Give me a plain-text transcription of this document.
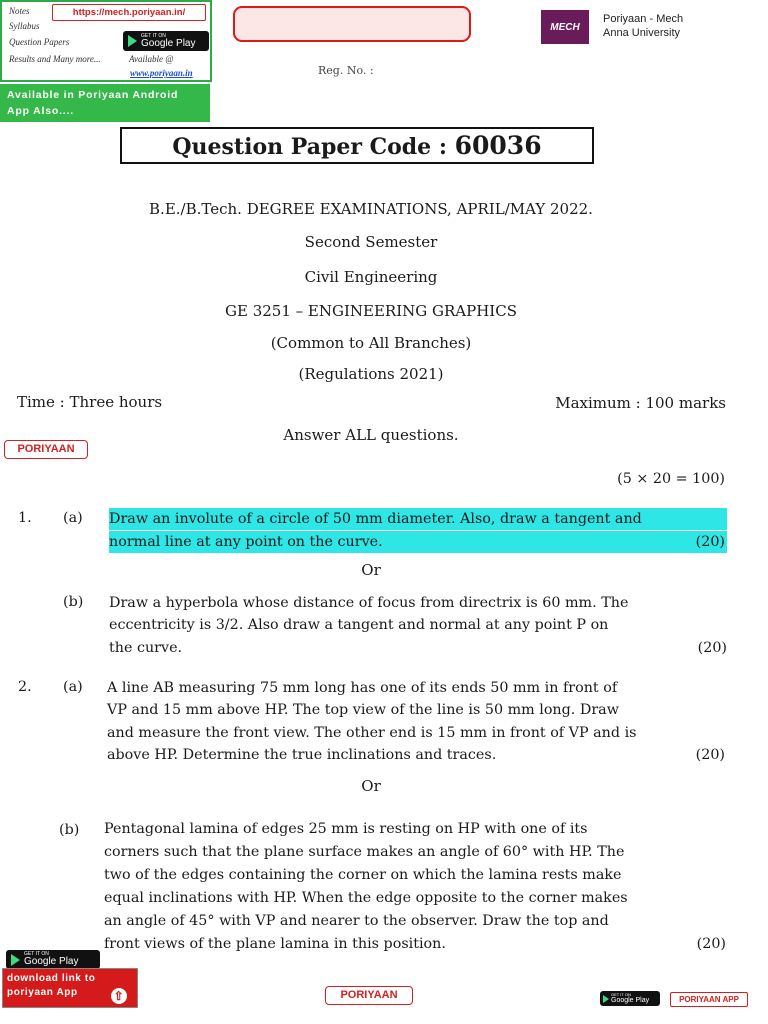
Notes	https://mech.poriyaan.in/
Syllabus
Question Papers
GET IT ON
Google Play
Results and Many more...	Available @
www.poriyaan.in
Available in Poriyaan Android App Also....
MECH
Poriyaan - Mech
Anna University
Reg. No. :
Question Paper Code : 60036
B.E./B.Tech. DEGREE EXAMINATIONS, APRIL/MAY 2022.
Second Semester
Civil Engineering
GE 3251 – ENGINEERING GRAPHICS
(Common to All Branches)
(Regulations 2021)
Time : Three hours	Maximum : 100 marks
PORIYAAN
Answer ALL questions.
(5 × 20 = 100)
1. (a) Draw an involute of a circle of 50 mm diameter. Also, draw a tangent and
normal line at any point on the curve.	(20)
Or
(b) Draw a hyperbola whose distance of focus from directrix is 60 mm. The
eccentricity is 3/2. Also draw a tangent and normal at any point P on
the curve.	(20)
2. (a) A line AB measuring 75 mm long has one of its ends 50 mm in front of
VP and 15 mm above HP. The top view of the line is 50 mm long. Draw
and measure the front view. The other end is 15 mm in front of VP and is
above HP. Determine the true inclinations and traces.	(20)
Or
(b) Pentagonal lamina of edges 25 mm is resting on HP with one of its
corners such that the plane surface makes an angle of 60° with HP. The
two of the edges containing the corner on which the lamina rests make
equal inclinations with HP. When the edge opposite to the corner makes
an angle of 45° with VP and nearer to the observer. Draw the top and
front views of the plane lamina in this position.	(20)
GET IT ON
Google Play
download link to poriyaan App	⇧	PORIYAAN	GET IT ON
Google Play	PORIYAAN APP
